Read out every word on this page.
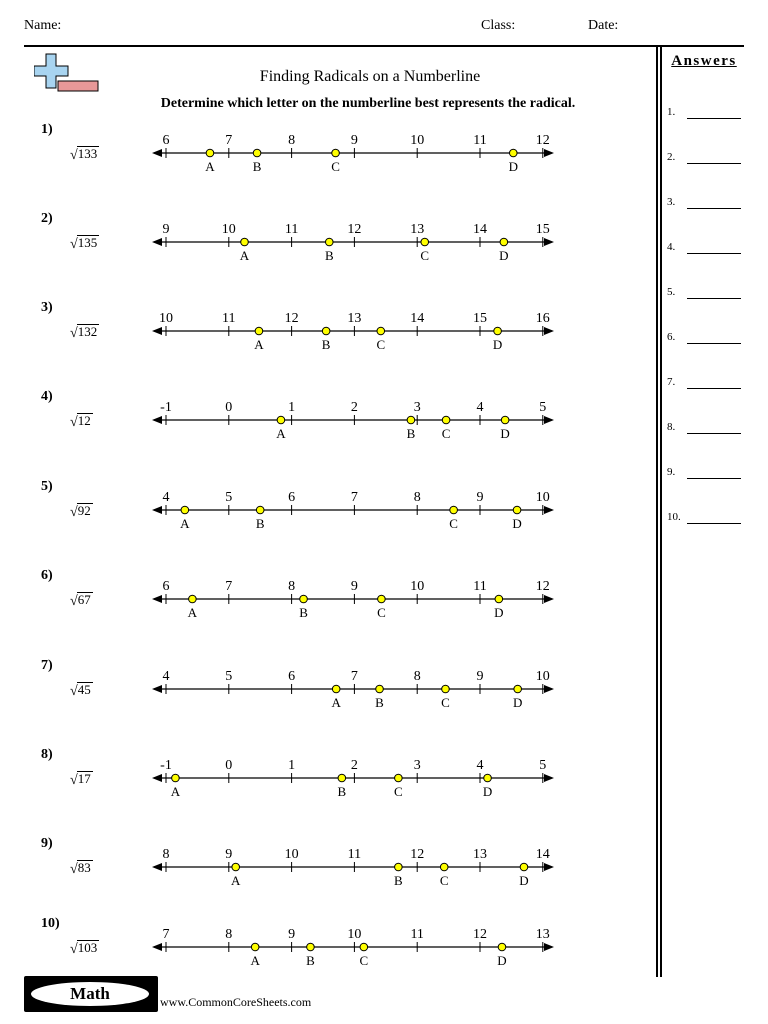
Name:	Class:	Date:
Finding Radicals on a Numberline
Determine which letter on the numberline best represents the radical.
Answers
1.
2.
3.
4.
5.
6.
7.
8.
9.
10.
1)
√133
6	7	8	9	10	11	12
A	B	C	D
2)
√135
9	10	11	12	13	14	15
A	B	C	D
3)
√132
10	11	12	13	14	15	16
A	B	C	D
4)
√12
-1	0	1	2	3	4	5
A	B C	D
5)
√92
4	5	6	7	8	9	10
A	B	C	D
6)
√67
6	7	8	9	10	11	12
A	B	C	D
7)
√45
4	5	6	7	8	9	10
A	B	C	D
8)
√17
-1	0	1	2	3	4	5
A	B	C	D
9)
√83
8	9	10	11	12	13	14
A	B	C	D
10)
√103
7	8	9	10	11	12	13
A	B	C	D
Math	www.CommonCoreSheets.com
